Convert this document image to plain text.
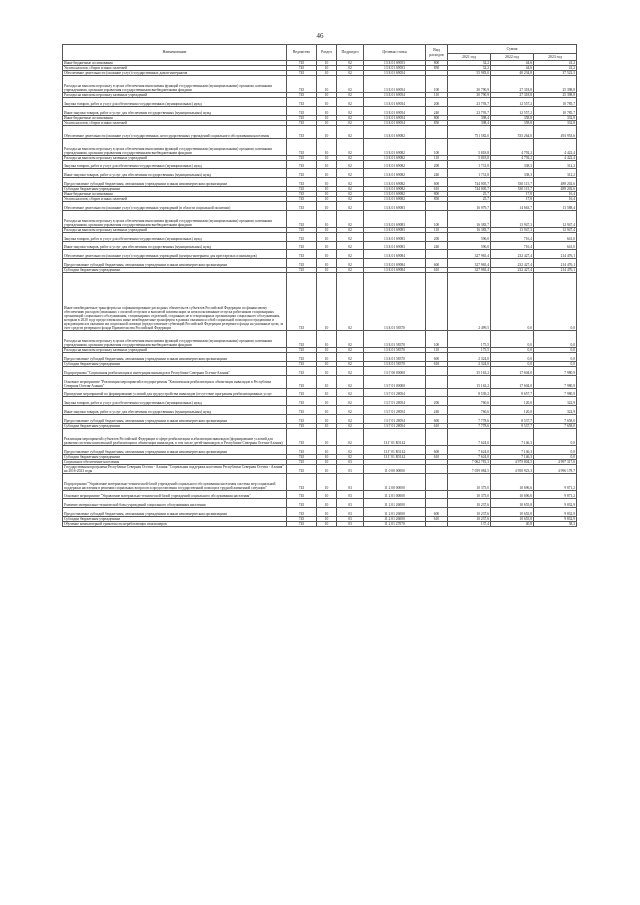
46
Наименование	Ведомство	Раздел	Подраздел	Целевая статья	Вид расходов	Сумма		
						2021 год	2022 год	2023 год
Иные бюджетные ассигнования	745	10	02	13 Б 01 69053	800	32,2	44,6	41,2
Уплата налогов, сборов и иных платежей	745	10	02	13 Б 01 69053	850	32,2	44,6	41,2
Обеспечение деятельности (оказание услуг) государственных домов-интернатов	745	10	02	13 Б 01 69054		55 983,0	40 234,8	37 522,3
Расходы на выплаты персоналу в целях обеспечения выполнения функций государственными (муниципальными) органами, казенными учреждениями, органами управления государственными внебюджетными фондами	745	10	02	13 Б 01 69054	100	30 790,9	27 318,8	25 398,8
Расходы на выплаты персоналу казенных учреждений	745	10	02	13 Б 01 69054	110	30 790,9	27 318,8	25 398,8
Закупка товаров, работ и услуг для обеспечения государственных (муниципальных) нужд	745	10	02	13 Б 01 69054	200	23 793,7	12 557,2	10 785,7
Иные закупки товаров, работ и услуг для обеспечения государственных (муниципальных) нужд	745	10	02	13 Б 01 69054	240	23 793,7	12 557,2	10 785,7
Иные бюджетные ассигнования	745	10	02	13 Б 01 69054	800	398,4	358,8	332,8
Уплата налогов, сборов и иных платежей	745	10	02	13 Б 01 69054	850	398,4	358,8	332,8
Обеспечение деятельности (оказание услуг) государственных, негосударственных учреждений социального обслуживания населения	745	10	02	13 Б 01 69082		751 582,0	535 264,0	493 953,6
Расходы на выплаты персоналу в целях обеспечения выполнения функций государственными (муниципальными) органами, казенными учреждениями, органами управления государственными внебюджетными фондами	745	10	02	13 Б 01 69082	100	5 818,8	4 792,2	4 422,4
Расходы на выплаты персоналу казенных учреждений	745	10	02	13 Б 01 69082	110	5 818,8	4 792,2	4 422,4
Закупка товаров, работ и услуг для обеспечения государственных (муниципальных) нужд	745	10	02	13 Б 01 69082	200	1 731,8	338,3	312,2
Иные закупки товаров, работ и услуг для обеспечения государственных (муниципальных) нужд	745	10	02	13 Б 01 69082	240	1 731,8	338,3	312,2
Предоставление субсидий бюджетным, автономным учреждениям и иным некоммерческим организациям	745	10	02	13 Б 01 69082	600	744 005,7	530 115,7	489 202,6
Субсидии бюджетным учреждениям	745	10	02	13 Б 01 69082	610	744 005,7	530 115,7	489 202,6
Иные бюджетные ассигнования	745	10	02	13 Б 01 69082	800	25,7	17,8	16,4
Уплата налогов, сборов и иных платежей	745	10	02	13 Б 01 69082	850	25,7	17,8	16,4
Обеспечение деятельности (оказание услуг) государственных учреждений (в области социальной политики)	745	10	02	13 Б 01 69083		16 979,7	14 663,7	13 588,4
Расходы на выплаты персоналу в целях обеспечения выполнения функций государственными (муниципальными) органами, казенными учреждениями, органами управления государственными внебюджетными фондами	745	10	02	13 Б 01 69083	100	16 383,7	13 947,3	12 947,4
Расходы на выплаты персоналу казенных учреждений	745	10	02	13 Б 01 69083	110	16 383,7	13 947,3	12 947,4
Закупка товаров, работ и услуг для обеспечения государственных (муниципальных) нужд	745	10	02	13 Б 01 69083	200	596,0	716,4	641,0
Иные закупки товаров, работ и услуг для обеспечения государственных (муниципальных) нужд	745	10	02	13 Б 01 69083	240	596,0	716,4	641,0
Обеспечение деятельности (оказание услуг) государственных учреждений (центры-интернаты для престарелых и инвалидов)	745	10	02	13 Б 01 69084		327 965,4	232 427,4	214 476,1
Предоставление субсидий бюджетным, автономным учреждениям и иным некоммерческим организациям	745	10	02	13 Б 01 69084	600	327 965,4	232 427,4	214 476,1
Субсидии бюджетным учреждениям	745	10	02	13 Б 01 69084	610	327 965,4	232 427,4	214 476,1
Иные межбюджетные трансферты на софинансирование расходных обязательств субъектов Российской Федерации по финансовому обеспечению расходов (связанных с оплатой отпусков и выплатой компенсации за неиспользованные отпуска работникам стационарных организаций социального обслуживания, стационарных отделений, созданных не в стационарных организациях социального обслуживания, которым в 2020 году предоставлялись иные межбюджетные трансферты в рамках оказания особой социальной помощи пострадавшим и нуждающимся в оказании им социальной помощи (предоставление субвенций Российской Федерации резервного фонда на указанные цели, за счет средств резервного фонда Правительства Российской Федерации	745	10	02	13 Б 01 58370		2 499,5	0,0	0,0
Расходы на выплаты персоналу в целях обеспечения выполнения функций государственными (муниципальными) органами, казенными учреждениями, органами управления государственными внебюджетными фондами	745	10	02	13 Б 01 58370	100	175,5	0,0	0,0
Расходы на выплаты персоналу казенных учреждений	745	10	02	13 Б 01 58370	110	175,5	0,0	0,0
Предоставление субсидий бюджетным, автономным учреждениям и иным некоммерческим организациям	745	10	02	13 Б 01 58370	600	2 324,0	0,0	0,0
Субсидии бюджетным учреждениям	745	10	02	13 Б 01 58370	610	2 324,0	0,0	0,0
Подпрограмма "Социальная реабилитация и интеграция инвалидов в Республике Северная Осетия-Алания"	745	10	02	13 Г 00 00000		35 163,2	17 604,0	7 980,9
Основное мероприятие "Реализация мероприятий и подпрограммы "Комплексная реабилитация и абилитация инвалидов в Республике Северная Осетия-Алания"	745	10	02	13 Г 01 00000		15 163,2	17 604,0	7 980,9
Проведение мероприятий по формированию условий для трудоустройства инвалидов (отсутствие программы реабилитационных услуг	745	10	02	13 Г 01 28054		8 539,2	8 657,7	7 980,9
Закупка товаров, работ и услуг для обеспечения государственных (муниципальных) нужд	745	10	02	13 Г 01 28054	200	760,6	120,0	322,9
Иные закупки товаров, работ и услуг для обеспечения государственных (муниципальных) нужд	745	10	02	13 Г 01 28054	240	760,6	120,0	322,9
Предоставление субсидий бюджетным, автономным учреждениям и иным некоммерческим организациям	745	10	02	13 Г 01 28054	600	7 778,6	8 537,7	7 658,0
Субсидии бюджетным учреждениям	745	10	02	13 Г 01 28054	610	7 778,6	8 537,7	7 658,0
Реализация мероприятий субъектов Российской Федерации в сфере реабилитации и абилитации инвалидов (формирование условий для развития системы комплексной реабилитации и абилитации инвалидов, в том числе детей-инвалидов, в Республике Северная Осетия-Алания)	745	10	02	13 Г 01 R5142		7 624,0	7 146,3	0,0
Предоставление субсидий бюджетным, автономным учреждениям и иным некоммерческим организациям	745	10	02	13 Г 01 R5142	600	7 624,0	7 146,3	0,0
Субсидии бюджетным учреждениям	745	10	02	13 Г 01 R5142	610	7 624,0	7 146,3	0,0
Социальное обеспечение населения	745	10	03			7 062 781,3	4 979 804,5	4 997 317,6
Государственная программа Республики Северная Осетия - Алания "Социальная поддержка населения Республики Северная Осетия - Алания" на 2016-2023 годы	745	10	03	11 0 00 00000		7 039 084,5	4 950 923,3	4 996 178,7
Подпрограмма "Управление материально-технической базой учреждений социального обслуживания населения системы мер социальной поддержки населения в решении социальных вопросов и предоставления государственной помощи в трудной жизненной ситуации"	745	10	03	11 2 00 00000		10 375,0	10 696,6	9 871,2
Основное мероприятие "Управление материально-технической базой учреждений социального обслуживания населения"	745	10	03	11 2 01 00000		10 375,0	10 696,6	9 871,2
Развитие материально-технической базы учреждений социального обслуживания населения	745	10	03	11 2 01 26000		10 237,6	10 655,8	9 832,9
Предоставление субсидий бюджетным, автономным учреждениям и иным некоммерческим организациям	745	10	03	11 2 01 26000	600	10 237,6	10 655,8	9 832,9
Субсидии бюджетным учреждениям	745	10	03	11 2 01 26000	610	10 237,6	10 655,8	9 832,9
Обучение компьютерной грамотности неработающих пенсионеров	745	10	03	11 2 01 27070		137,4	40,8	38,3
